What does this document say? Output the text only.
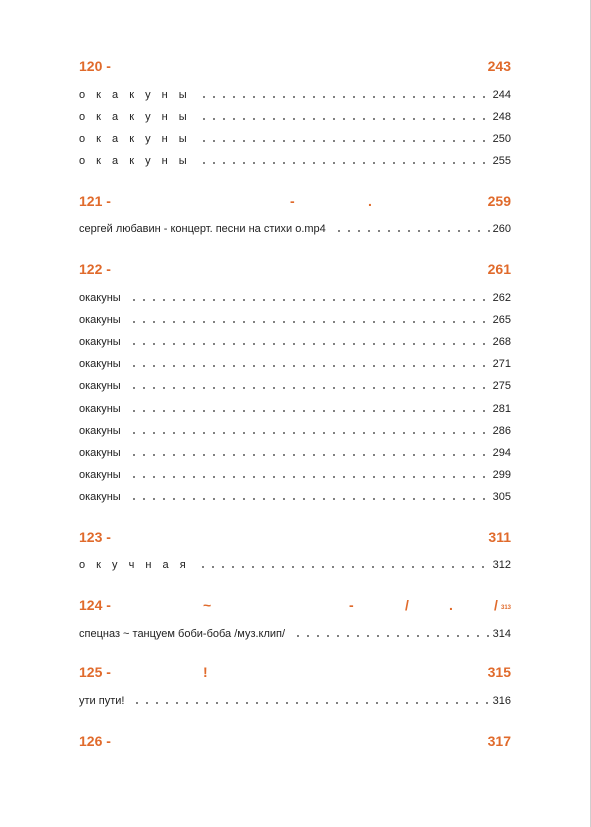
120 -	243
о к а к у н ы	244
о к а к у н ы	248
о к а к у н ы	250
о к а к у н ы	255
121 -	-	.	259
сергей любавин - концерт. песни на стихи о.mp4	260
122 -	261
окакуны	262
окакуны	265
окакуны	268
окакуны	271
окакуны	275
окакуны	281
окакуны	286
окакуны	294
окакуны	299
окакуны	305
123 -	311
о к у ч н а я	312
124 -	~	-	/	.	/ 313
спецназ ~ танцуем боби-боба /муз.клип/	314
125 -	!	315
ути пути!	316
126 -	317
